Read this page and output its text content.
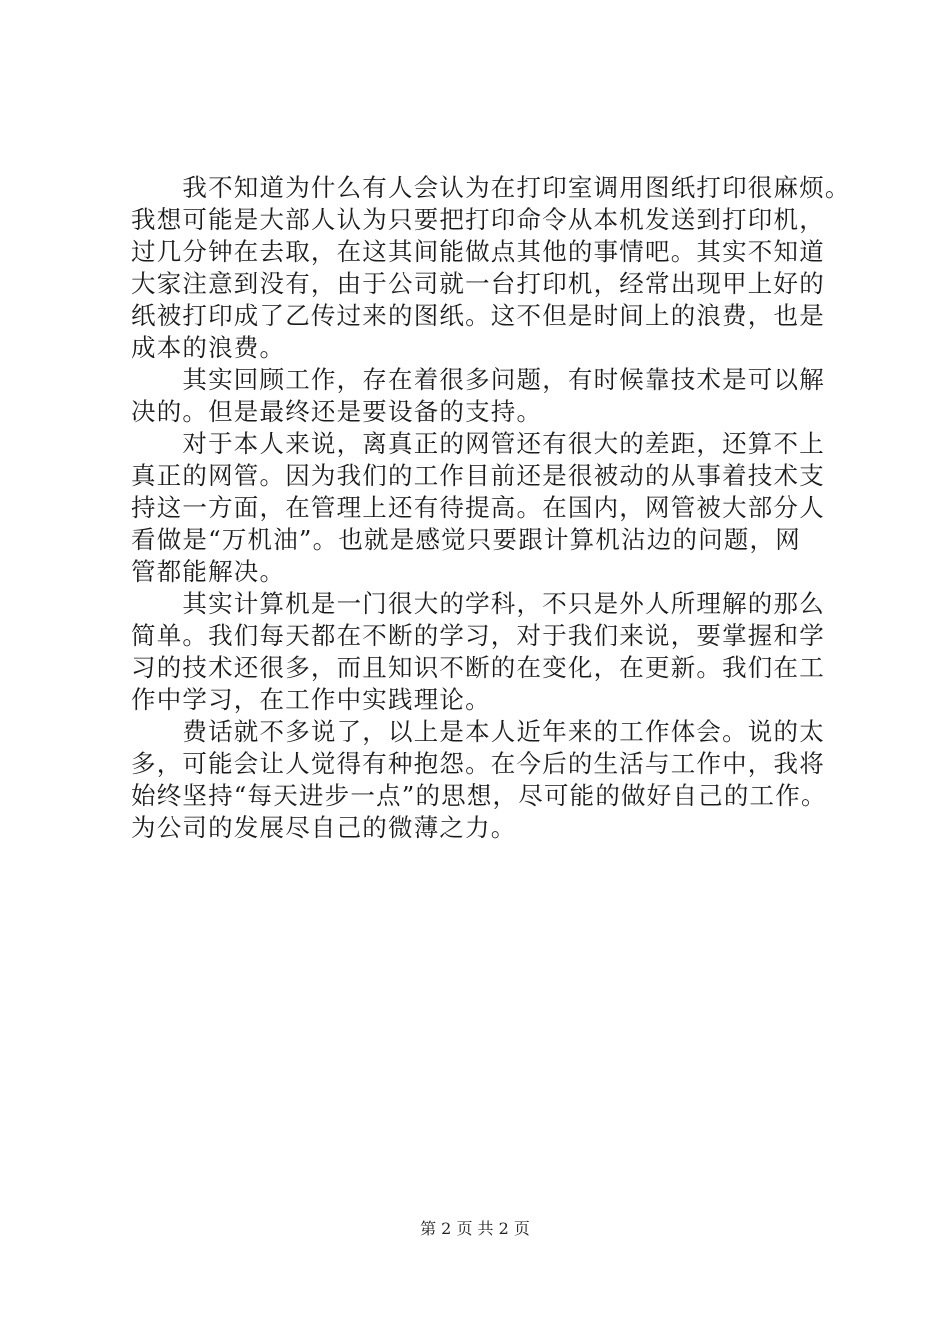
　　我不知道为什么有人会认为在打印室调用图纸打印很麻烦。
我想可能是大部人认为只要把打印命令从本机发送到打印机，
过几分钟在去取，在这其间能做点其他的事情吧。其实不知道
大家注意到没有，由于公司就一台打印机，经常出现甲上好的
纸被打印成了乙传过来的图纸。这不但是时间上的浪费，也是
成本的浪费。
　　其实回顾工作，存在着很多问题，有时候靠技术是可以解
决的。但是最终还是要设备的支持。
　　对于本人来说，离真正的网管还有很大的差距，还算不上
真正的网管。因为我们的工作目前还是很被动的从事着技术支
持这一方面，在管理上还有待提高。在国内，网管被大部分人
看做是“万机油”。也就是感觉只要跟计算机沾边的问题，网
管都能解决。
　　其实计算机是一门很大的学科，不只是外人所理解的那么
简单。我们每天都在不断的学习，对于我们来说，要掌握和学
习的技术还很多，而且知识不断的在变化，在更新。我们在工
作中学习，在工作中实践理论。
　　费话就不多说了，以上是本人近年来的工作体会。说的太
多，可能会让人觉得有种抱怨。在今后的生活与工作中，我将
始终坚持“每天进步一点”的思想，尽可能的做好自己的工作。
为公司的发展尽自己的微薄之力。
第 2 页 共 2 页
